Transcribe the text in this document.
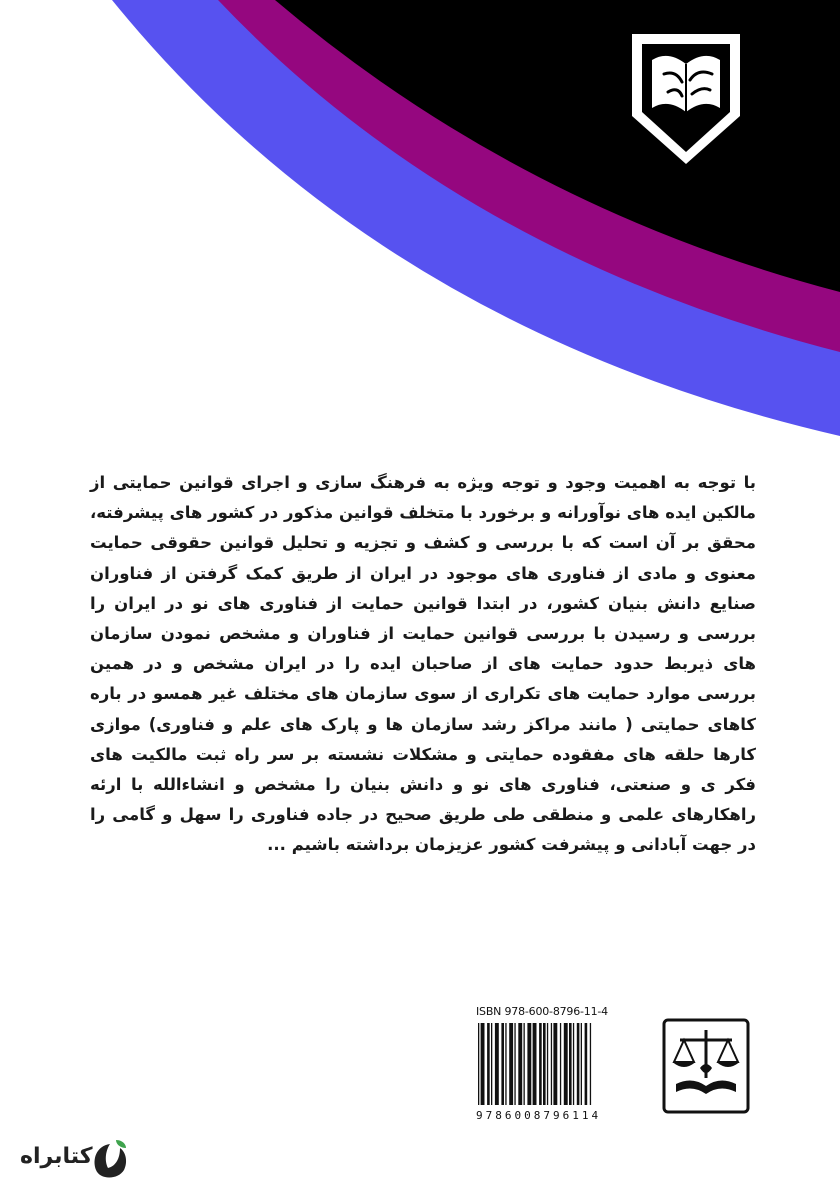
با توجه به اهمیت وجود و توجه ویژه به فرهنگ سازی و اجرای قوانین حمایتی از مالکین ایده های نوآورانه و برخورد با متخلف قوانین مذکور در کشور های پیشرفته، محقق بر آن است که با بررسی و کشف و تجزیه و تحلیل قوانین حقوقی حمایت معنوی و مادی از فناوری های موجود در ایران از طریق کمک گرفتن از فناوران صنایع دانش بنیان کشور، در ابتدا قوانین حمایت از فناوری های نو در ایران را بررسی و رسیدن با بررسی قوانین حمایت از فناوران و مشخص نمودن سازمان های ذیربط حدود حمایت های از صاحبان ایده را در ایران مشخص و در همین بررسی موارد حمایت های تکراری از سوی سازمان های مختلف غیر همسو در باره کاهای حمایتی ( مانند مراکز رشد سازمان ها و پارک های علم و فناوری) موازی کارها حلقه های مفقوده حمایتی و مشکلات نشسته بر سر راه ثبت مالکیت های فکر ی و صنعتی، فناوری های نو و دانش بنیان را مشخص و انشاءالله با ارئه راهکارهای علمی و منطقی طی طریق صحیح در جاده فناوری را سهل و گامی را در جهت آبادانی و پیشرفت کشور عزیزمان برداشته باشیم ...

ISBN 978-600-8796-11-4
9786008796114
کتابراه
